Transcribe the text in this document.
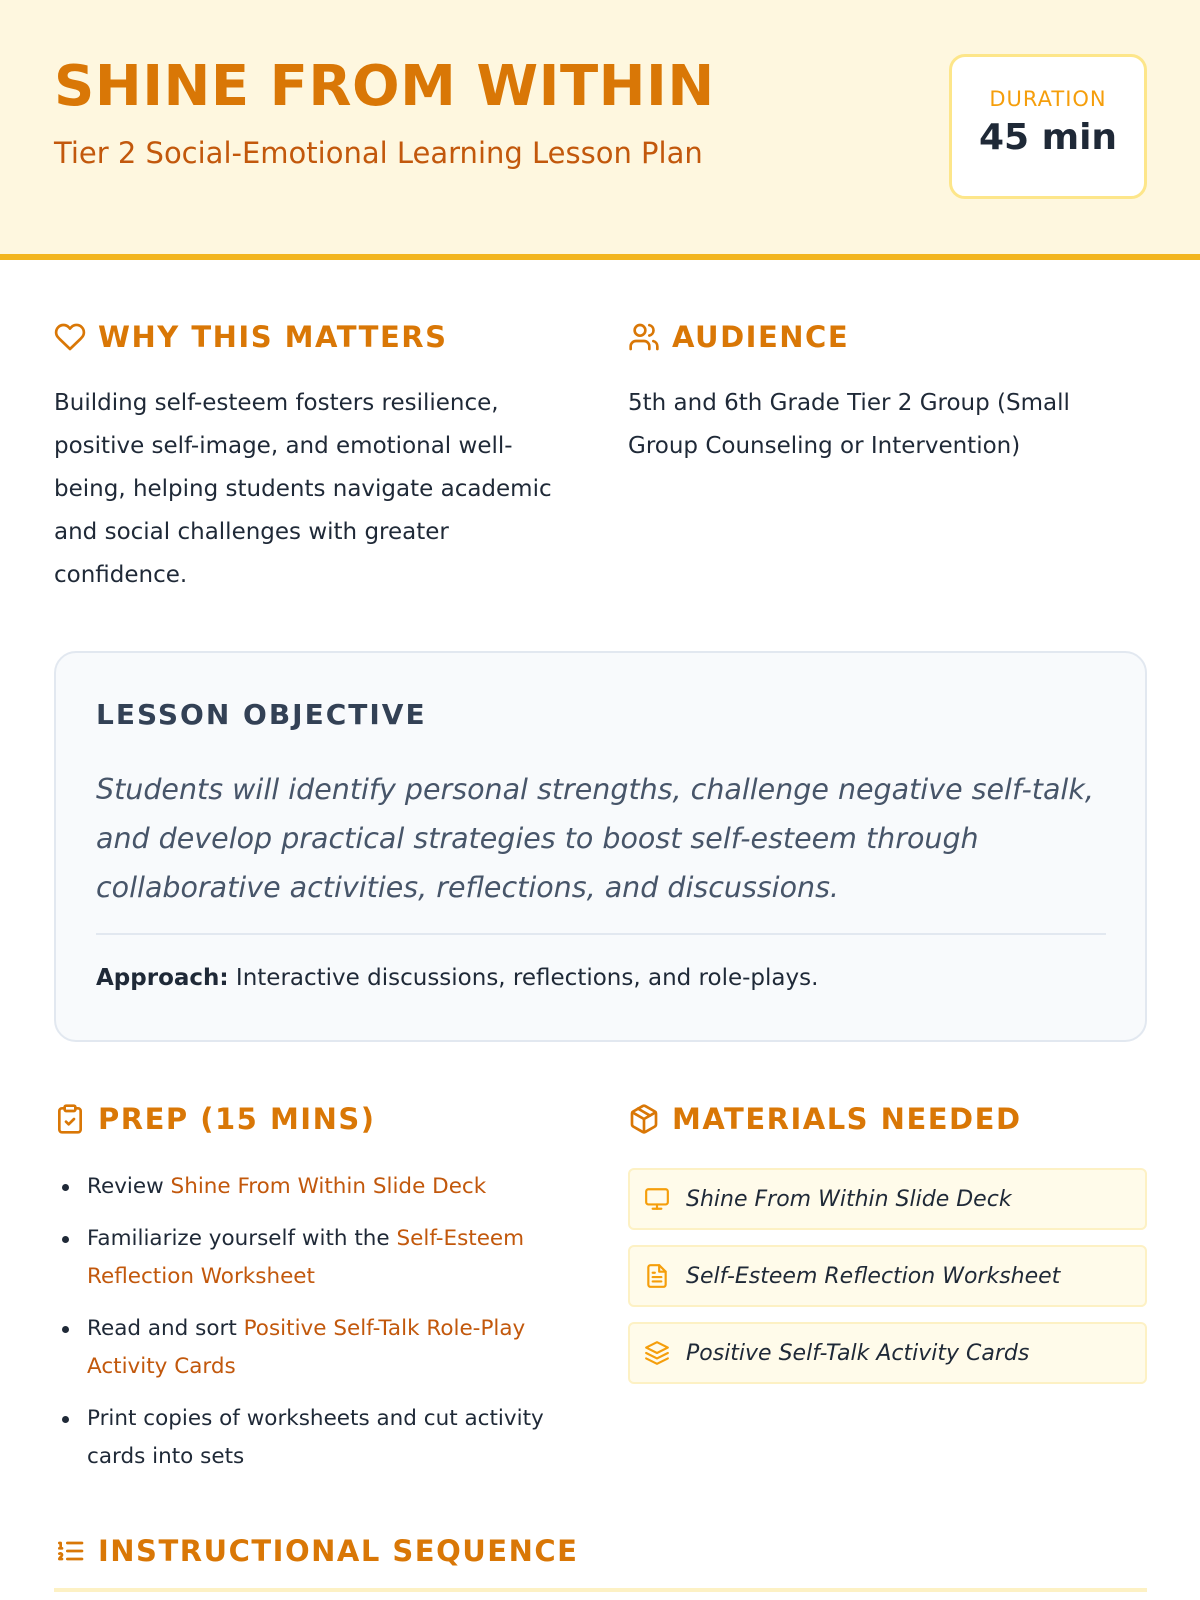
SHINE FROM WITHIN
Tier 2 Social-Emotional Learning Lesson Plan
DURATION
45 min
WHY THIS MATTERS
Building self-esteem fosters resilience, positive self-image, and emotional well-being, helping students navigate academic and social challenges with greater confidence.
AUDIENCE
5th and 6th Grade Tier 2 Group (Small Group Counseling or Intervention)
LESSON OBJECTIVE
Students will identify personal strengths, challenge negative self-talk, and develop practical strategies to boost self-esteem through collaborative activities, reflections, and discussions.
Approach: Interactive discussions, reflections, and role-plays.
PREP (15 MINS)
Review Shine From Within Slide Deck
Familiarize yourself with the Self-Esteem Reflection Worksheet
Read and sort Positive Self-Talk Role-Play Activity Cards
Print copies of worksheets and cut activity cards into sets
MATERIALS NEEDED
Shine From Within Slide Deck
Self-Esteem Reflection Worksheet
Positive Self-Talk Activity Cards
INSTRUCTIONAL SEQUENCE
